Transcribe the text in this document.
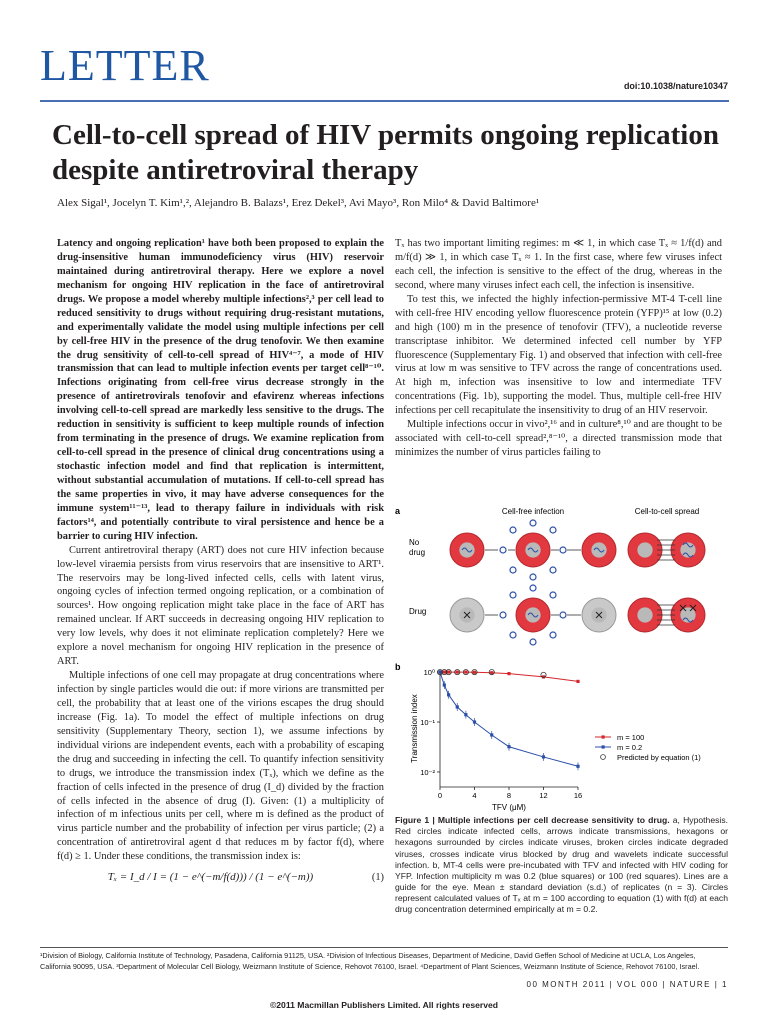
LETTER	doi:10.1038/nature10347
Cell-to-cell spread of HIV permits ongoing replication despite antiretroviral therapy
Alex Sigal¹, Jocelyn T. Kim¹,², Alejandro B. Balazs¹, Erez Dekel³, Avi Mayo³, Ron Milo⁴ & David Baltimore¹
Latency and ongoing replication¹ have both been proposed to explain the drug-insensitive human immunodeficiency virus (HIV) reservoir maintained during antiretroviral therapy. Here we explore a novel mechanism for ongoing HIV replication in the face of antiretroviral drugs. We propose a model whereby multiple infections²,³ per cell lead to reduced sensitivity to drugs without requiring drug-resistant mutations, and experimentally validate the model using multiple infections per cell by cell-free HIV in the presence of the drug tenofovir. We then examine the drug sensitivity of cell-to-cell spread of HIV⁴⁻⁷, a mode of HIV transmission that can lead to multiple infection events per target cell⁸⁻¹⁰. Infections originating from cell-free virus decrease strongly in the presence of antiretrovirals tenofovir and efavirenz whereas infections involving cell-to-cell spread are markedly less sensitive to the drugs. The reduction in sensitivity is sufficient to keep multiple rounds of infection from terminating in the presence of drugs. We examine replication from cell-to-cell spread in the presence of clinical drug concentrations using a stochastic infection model and find that replication is intermittent, without substantial accumulation of mutations. If cell-to-cell spread has the same properties in vivo, it may have adverse consequences for the immune system¹¹⁻¹³, lead to therapy failure in individuals with risk factors¹⁴, and potentially contribute to viral persistence and hence be a barrier to curing HIV infection.

Current antiretroviral therapy (ART) does not cure HIV infection because low-level viraemia persists from virus reservoirs that are insensitive to ART¹. The reservoirs may be long-lived infected cells, cells with latent virus, ongoing cycles of infection termed ongoing replication, or a combination of sources¹. How ongoing replication might take place in the face of ART has remained unclear. If ART succeeds in decreasing ongoing HIV replication to very low levels, why does it not eliminate replication completely? Here we explore a novel mechanism for ongoing HIV replication in the presence of ART.

Multiple infections of one cell may propagate at drug concentrations where infection by single particles would die out: if more virions are transmitted per cell, the probability that at least one of the virions escapes the drug should increase (Fig. 1a). To model the effect of multiple infections on drug sensitivity (Supplementary Theory, section 1), we assume infections by individual virions are independent events, each with a probability of escaping the drug and succeeding in infecting the cell. To quantify infection sensitivity to drugs, we introduce the transmission index (Tₓ), which we define as the fraction of cells infected in the presence of drug (I_d) divided by the fraction of cells infected in the absence of drug (I). Given: (1) a multiplicity of infection of m infectious units per cell, where m is defined as the product of virus particle number and the probability of infection per virus particle; (2) a concentration of antiretroviral agent d that reduces m by factor f(d), where f(d) ≥ 1. Under these conditions, the transmission index is:

Tₓ = I_d / I = (1 − e^(−m/f(d))) / (1 − e^(−m))	(1)

Tₓ has two important limiting regimes: m ≪ 1, in which case Tₓ ≈ 1/f(d) and m/f(d) ≫ 1, in which case Tₓ ≈ 1. In the first case, where few viruses infect each cell, the infection is sensitive to the effect of the drug, whereas in the second, where many viruses infect each cell, the infection is insensitive.

To test this, we infected the highly infection-permissive MT-4 T-cell line with cell-free HIV encoding yellow fluorescence protein (YFP)¹⁵ at low (0.2) and high (100) m in the presence of tenofovir (TFV), a nucleotide reverse transcriptase inhibitor. We determined infected cell number by YFP fluorescence (Supplementary Fig. 1) and observed that infection with cell-free virus at low m was sensitive to TFV across the range of concentrations used. At high m, infection was insensitive to low and intermediate TFV concentrations (Fig. 1b), supporting the model. Thus, multiple cell-free HIV infections per cell recapitulate the insensitivity to drug of an HIV reservoir.

Multiple infections occur in vivo²,¹⁶ and in culture⁸,¹⁰ and are thought to be associated with cell-to-cell spread²,⁸⁻¹⁰, a directed transmission mode that minimizes the number of virus particles failing to

a	Cell-free infection	Cell-to-cell spread
No
drug
Drug
b
0	4	8	12	16
10⁰
10⁻¹
10⁻²
Transmission index
TFV (μM)
m = 100
m = 0.2
Predicted by equation (1)
Figure 1 | Multiple infections per cell decrease sensitivity to drug. a, Hypothesis. Red circles indicate infected cells, arrows indicate transmissions, hexagons or hexagons surrounded by circles indicate viruses, broken circles indicate degraded viruses, crosses indicate virus blocked by drug and wavelets indicate successful infection. b, MT-4 cells were pre-incubated with TFV and infected with HIV coding for YFP. Infection multiplicity m was 0.2 (blue squares) or 100 (red squares). Lines are a guide for the eye. Mean ± standard deviation (s.d.) of replicates (n = 3). Circles represent calculated values of Tₓ at m = 100 according to equation (1) with f(d) at each drug concentration determined empirically at m = 0.2.
¹Division of Biology, California Institute of Technology, Pasadena, California 91125, USA. ²Division of Infectious Diseases, Department of Medicine, David Geffen School of Medicine at UCLA, Los Angeles, California 90095, USA. ³Department of Molecular Cell Biology, Weizmann Institute of Science, Rehovot 76100, Israel. ⁴Department of Plant Sciences, Weizmann Institute of Science, Rehovot 76100, Israel.
00 MONTH 2011 | VOL 000 | NATURE | 1
©2011 Macmillan Publishers Limited. All rights reserved
